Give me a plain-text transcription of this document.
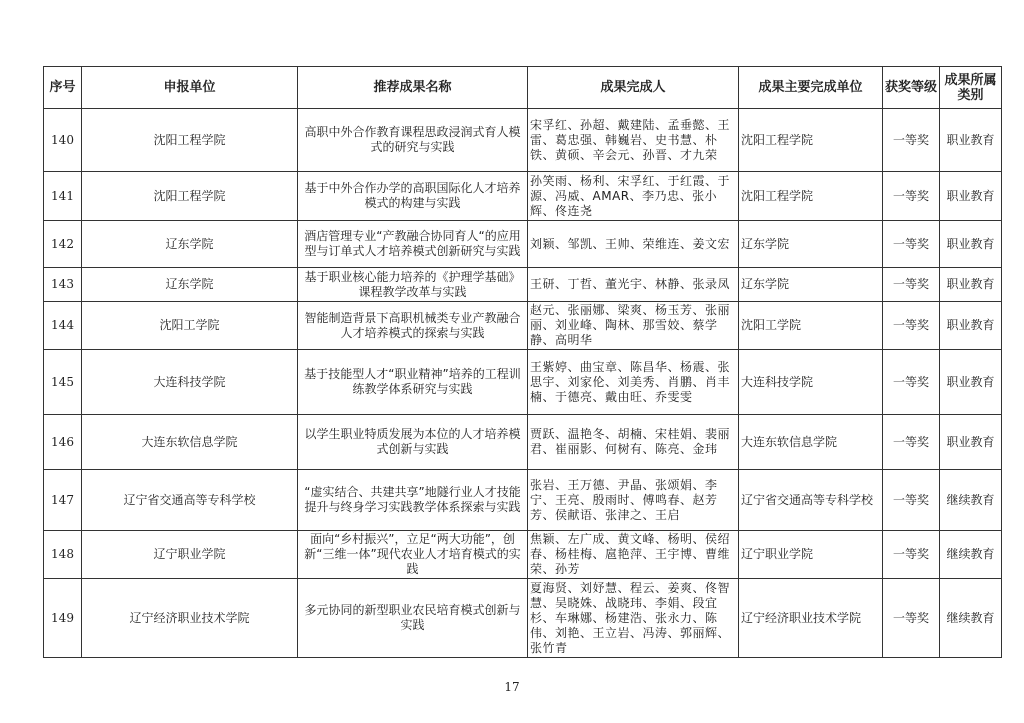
序号	申报单位	推荐成果名称	成果完成人	成果主要完成单位	获奖等级	成果所属类别
140	沈阳工程学院	高职中外合作教育课程思政浸润式育人模式的研究与实践	宋孚红、孙超、戴建陆、孟垂懿、王雷、葛忠强、韩巍岩、史书慧、朴铁、黄硕、辛会元、孙晋、才九荣	沈阳工程学院	一等奖	职业教育
141	沈阳工程学院	基于中外合作办学的高职国际化人才培养模式的构建与实践	孙笑雨、杨利、宋孚红、于红霞、于源、冯威、AMAR、李乃忠、张小辉、佟连尧	沈阳工程学院	一等奖	职业教育
142	辽东学院	酒店管理专业“产教融合协同育人“的应用型与订单式人才培养模式创新研究与实践	刘颖、邹凯、王帅、荣维连、姜文宏	辽东学院	一等奖	职业教育
143	辽东学院	基于职业核心能力培养的《护理学基础》课程教学改革与实践	王研、丁哲、董光宇、林静、张录凤	辽东学院	一等奖	职业教育
144	沈阳工学院	智能制造背景下高职机械类专业产教融合人才培养模式的探索与实践	赵元、张丽娜、梁爽、杨玉芳、张丽丽、刘业峰、陶林、那雪姣、蔡学静、高明华	沈阳工学院	一等奖	职业教育
145	大连科技学院	基于技能型人才“职业精神”培养的工程训练教学体系研究与实践	王紫婷、曲宝章、陈昌华、杨震、张思宇、刘家伦、刘美秀、肖鹏、肖丰楠、于德亮、戴由旺、乔雯雯	大连科技学院	一等奖	职业教育
146	大连东软信息学院	以学生职业特质发展为本位的人才培养模式创新与实践	贾跃、温艳冬、胡楠、宋桂娟、裴丽君、崔丽影、何树有、陈亮、金玮	大连东软信息学院	一等奖	职业教育
147	辽宁省交通高等专科学校	“虚实结合、共建共享”地隧行业人才技能提升与终身学习实践教学体系探索与实践	张岩、王万德、尹晶、张颂娟、李宁、王亮、殷雨时、傅鸣春、赵芳芳、侯献语、张津之、王启	辽宁省交通高等专科学校	一等奖	继续教育
148	辽宁职业学院	面向“乡村振兴”，立足“两大功能”，创新“三维一体”现代农业人才培育模式的实践	焦颖、左广成、黄文峰、杨明、侯绍春、杨桂梅、扈艳萍、王宇博、曹维荣、孙芳	辽宁职业学院	一等奖	继续教育
149	辽宁经济职业技术学院	多元协同的新型职业农民培育模式创新与实践	夏海贤、刘妤慧、程云、姜爽、佟智慧、吴晓姝、战晓玮、李娟、段宜杉、车琳娜、杨建浩、张永力、陈伟、刘艳、王立岩、冯涛、郭丽辉、张竹青	辽宁经济职业技术学院	一等奖	继续教育
17
